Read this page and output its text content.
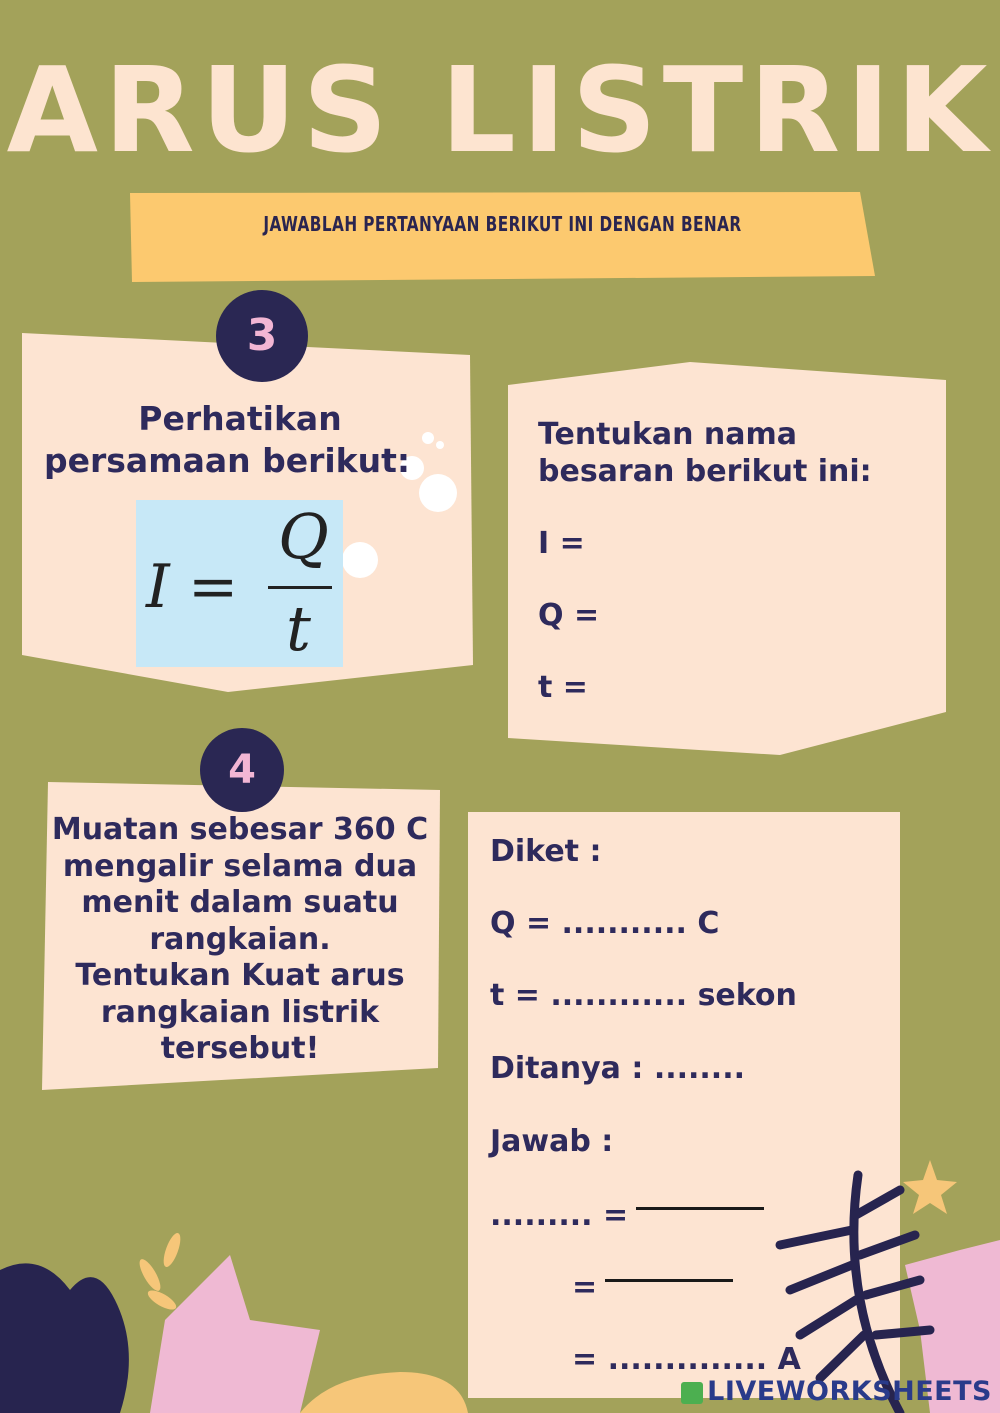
ARUS LISTRIK
JAWABLAH PERTANYAAN BERIKUT INI DENGAN BENAR
3
Perhatikan
persamaan berikut:
I =
Q
t
Tentukan nama
besaran berikut ini:
I =
Q =
t =
4
Muatan sebesar 360 C
mengalir selama dua
menit dalam suatu
rangkaian.
Tentukan Kuat arus
rangkaian listrik
tersebut!
Diket :
Q = ........... C
t = ............ sekon
Ditanya : ........
Jawab :
......... =
=
= .............. A
LIVEWORKSHEETS
